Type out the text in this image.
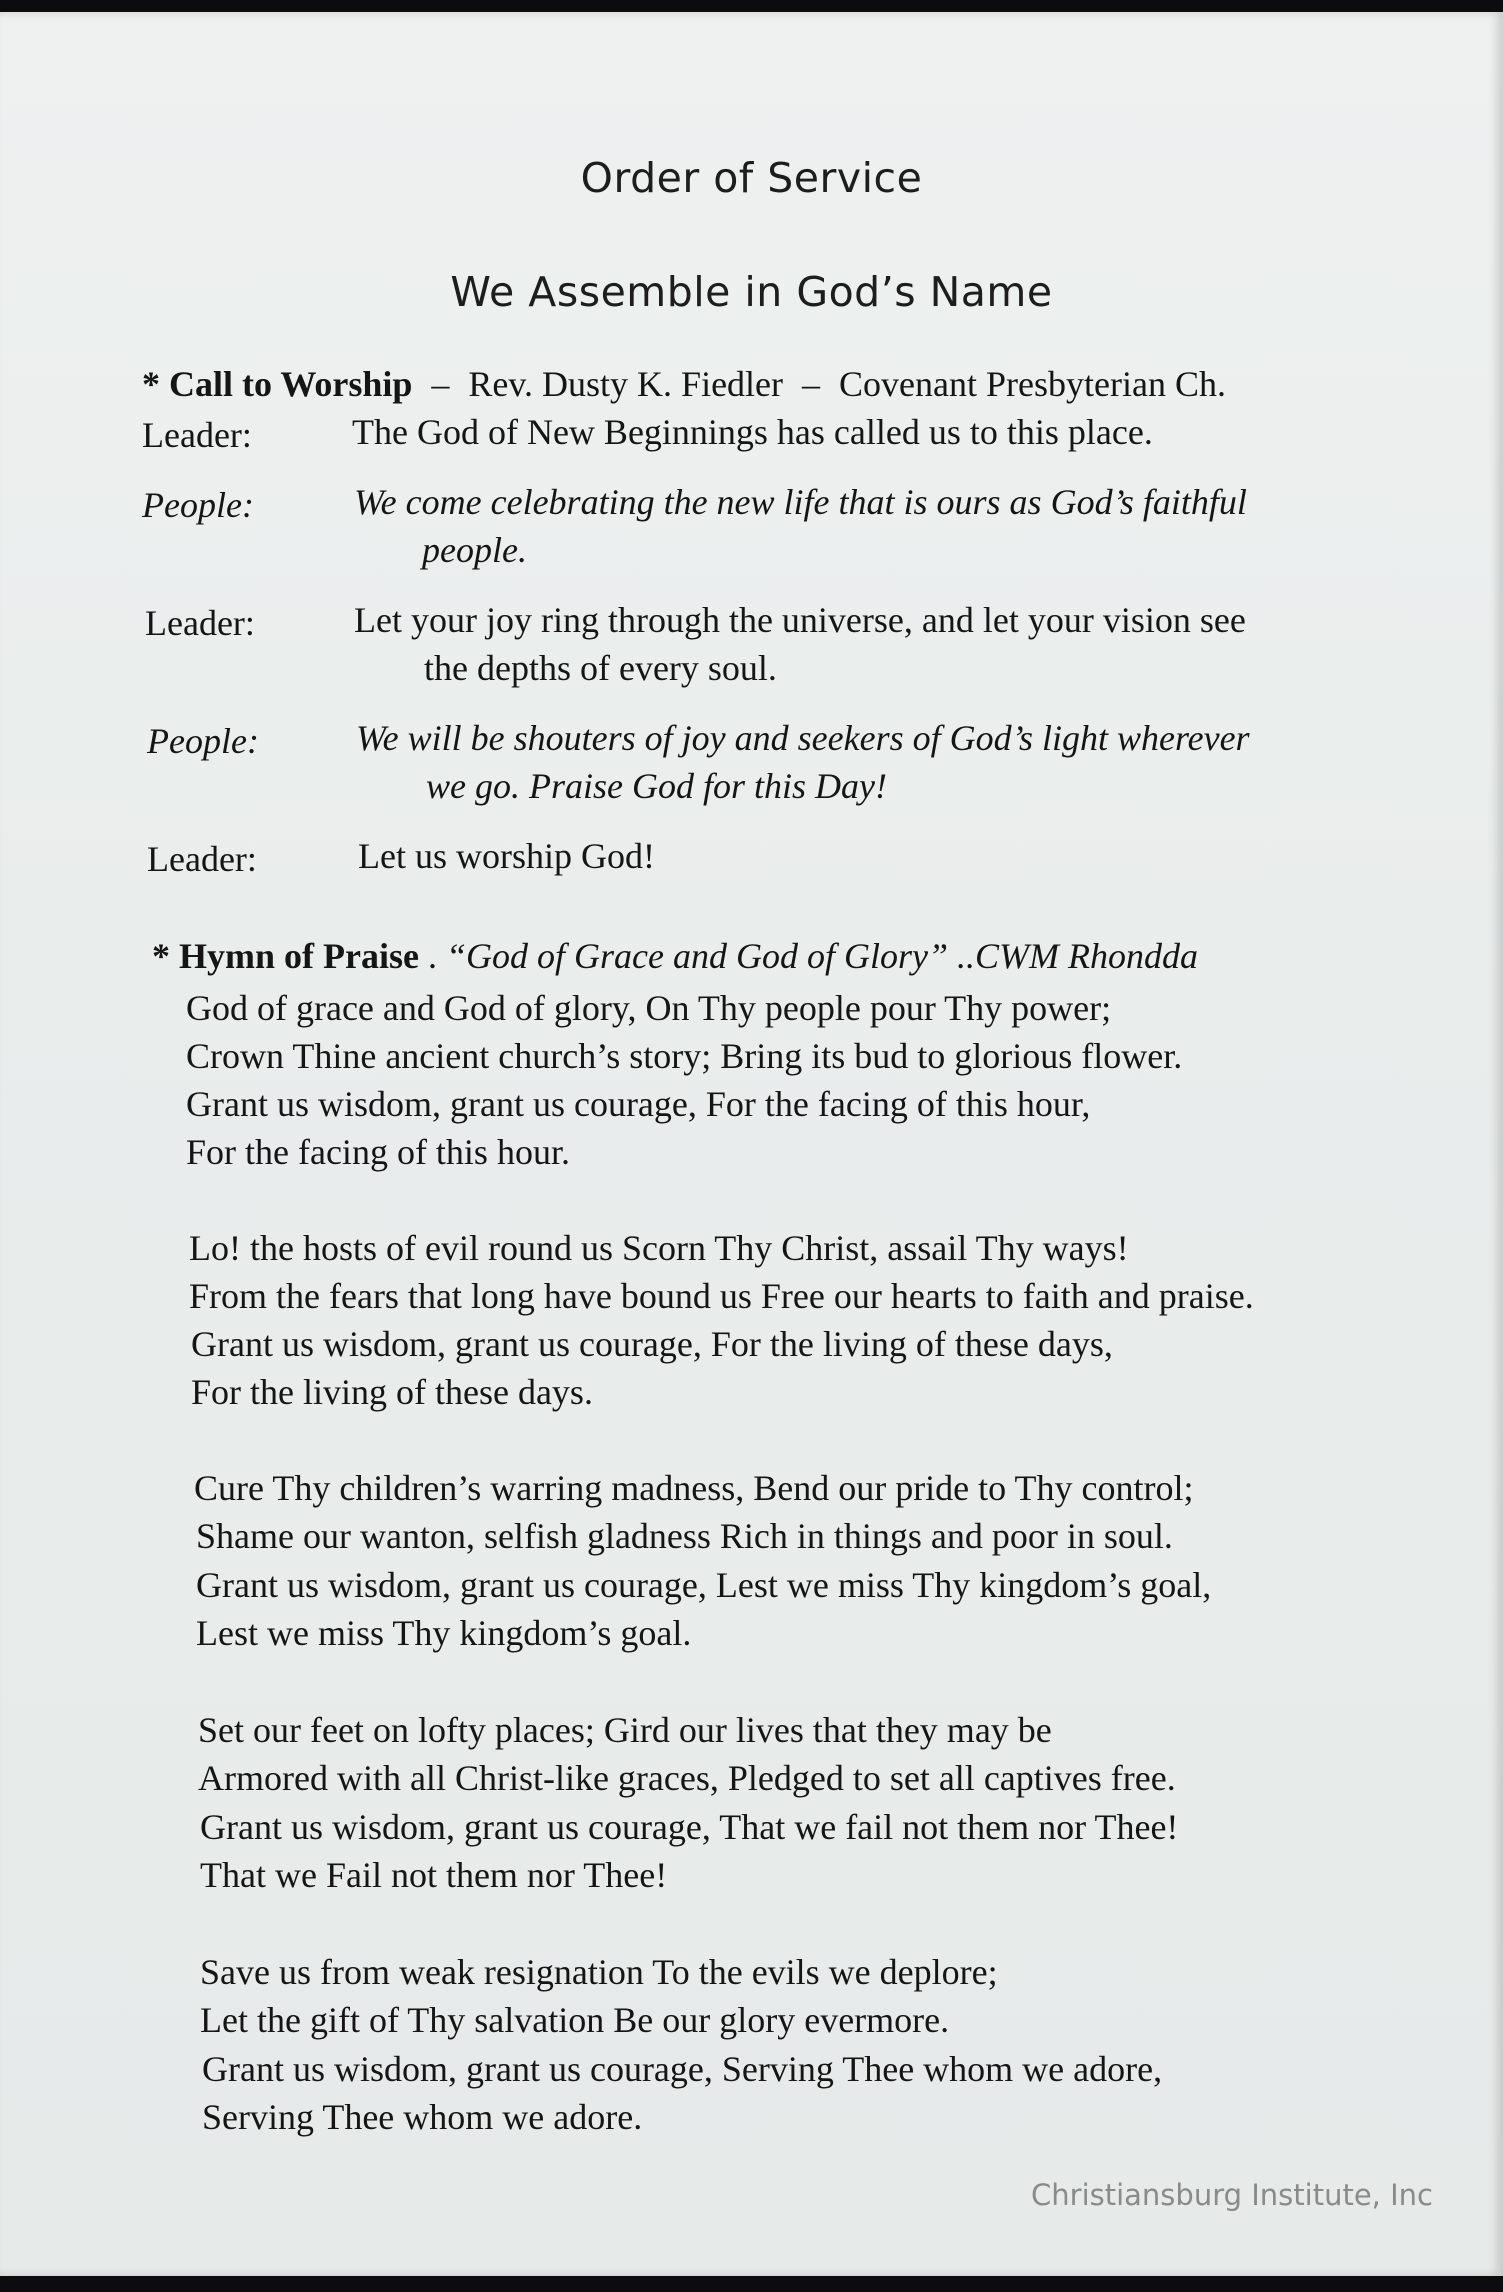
Order of Service
We Assemble in God’s Name
* Call to Worship – Rev. Dusty K. Fiedler – Covenant Presbyterian Ch.
Leader:	The God of New Beginnings has called us to this place.
People:	We come celebrating the new life that is ours as God’s faithful
people.
Leader:	Let your joy ring through the universe, and let your vision see
the depths of every soul.
People:	We will be shouters of joy and seekers of God’s light wherever
we go. Praise God for this Day!
Leader:	Let us worship God!
* Hymn of Praise . “God of Grace and God of Glory” ..CWM Rhondda
God of grace and God of glory, On Thy people pour Thy power;
Crown Thine ancient church’s story; Bring its bud to glorious flower.
Grant us wisdom, grant us courage, For the facing of this hour,
For the facing of this hour.
Lo! the hosts of evil round us Scorn Thy Christ, assail Thy ways!
From the fears that long have bound us Free our hearts to faith and praise.
Grant us wisdom, grant us courage, For the living of these days,
For the living of these days.
Cure Thy children’s warring madness, Bend our pride to Thy control;
Shame our wanton, selfish gladness Rich in things and poor in soul.
Grant us wisdom, grant us courage, Lest we miss Thy kingdom’s goal,
Lest we miss Thy kingdom’s goal.
Set our feet on lofty places; Gird our lives that they may be
Armored with all Christ-like graces, Pledged to set all captives free.
Grant us wisdom, grant us courage, That we fail not them nor Thee!
That we Fail not them nor Thee!
Save us from weak resignation To the evils we deplore;
Let the gift of Thy salvation Be our glory evermore.
Grant us wisdom, grant us courage, Serving Thee whom we adore,
Serving Thee whom we adore.
Christiansburg Institute, Inc
